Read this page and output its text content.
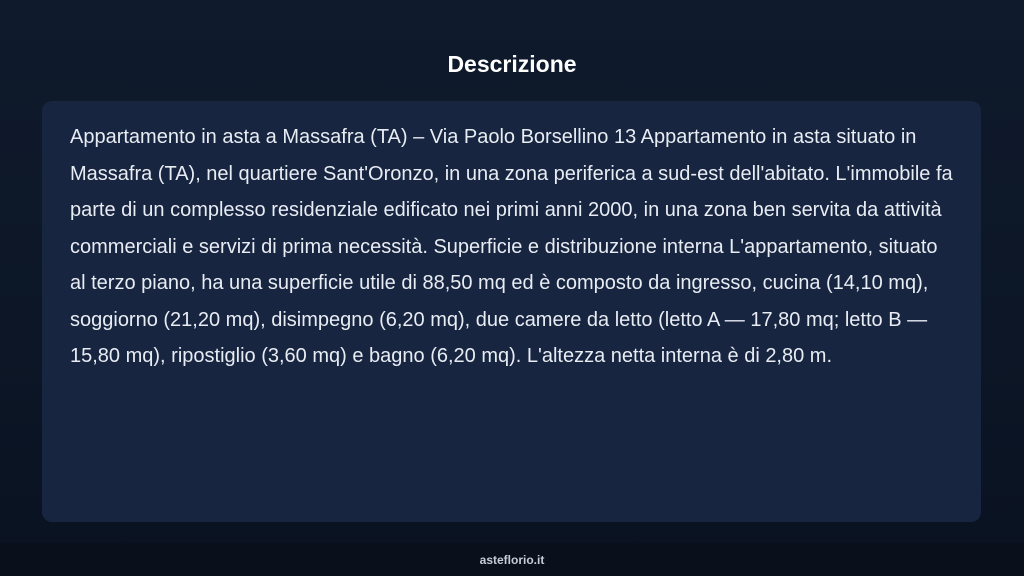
Descrizione

Appartamento in asta a Massafra (TA) – Via Paolo Borsellino 13 Appartamento in asta situato in Massafra (TA), nel quartiere Sant'Oronzo, in una zona periferica a sud-est dell'abitato. L'immobile fa parte di un complesso residenziale edificato nei primi anni 2000, in una zona ben servita da attività commerciali e servizi di prima necessità. Superficie e distribuzione interna L'appartamento, situato al terzo piano, ha una superficie utile di 88,50 mq ed è composto da ingresso, cucina (14,10 mq), soggiorno (21,20 mq), disimpegno (6,20 mq), due camere da letto (letto A — 17,80 mq; letto B — 15,80 mq), ripostiglio (3,60 mq) e bagno (6,20 mq). L'altezza netta interna è di 2,80 m.

asteflorio.it
